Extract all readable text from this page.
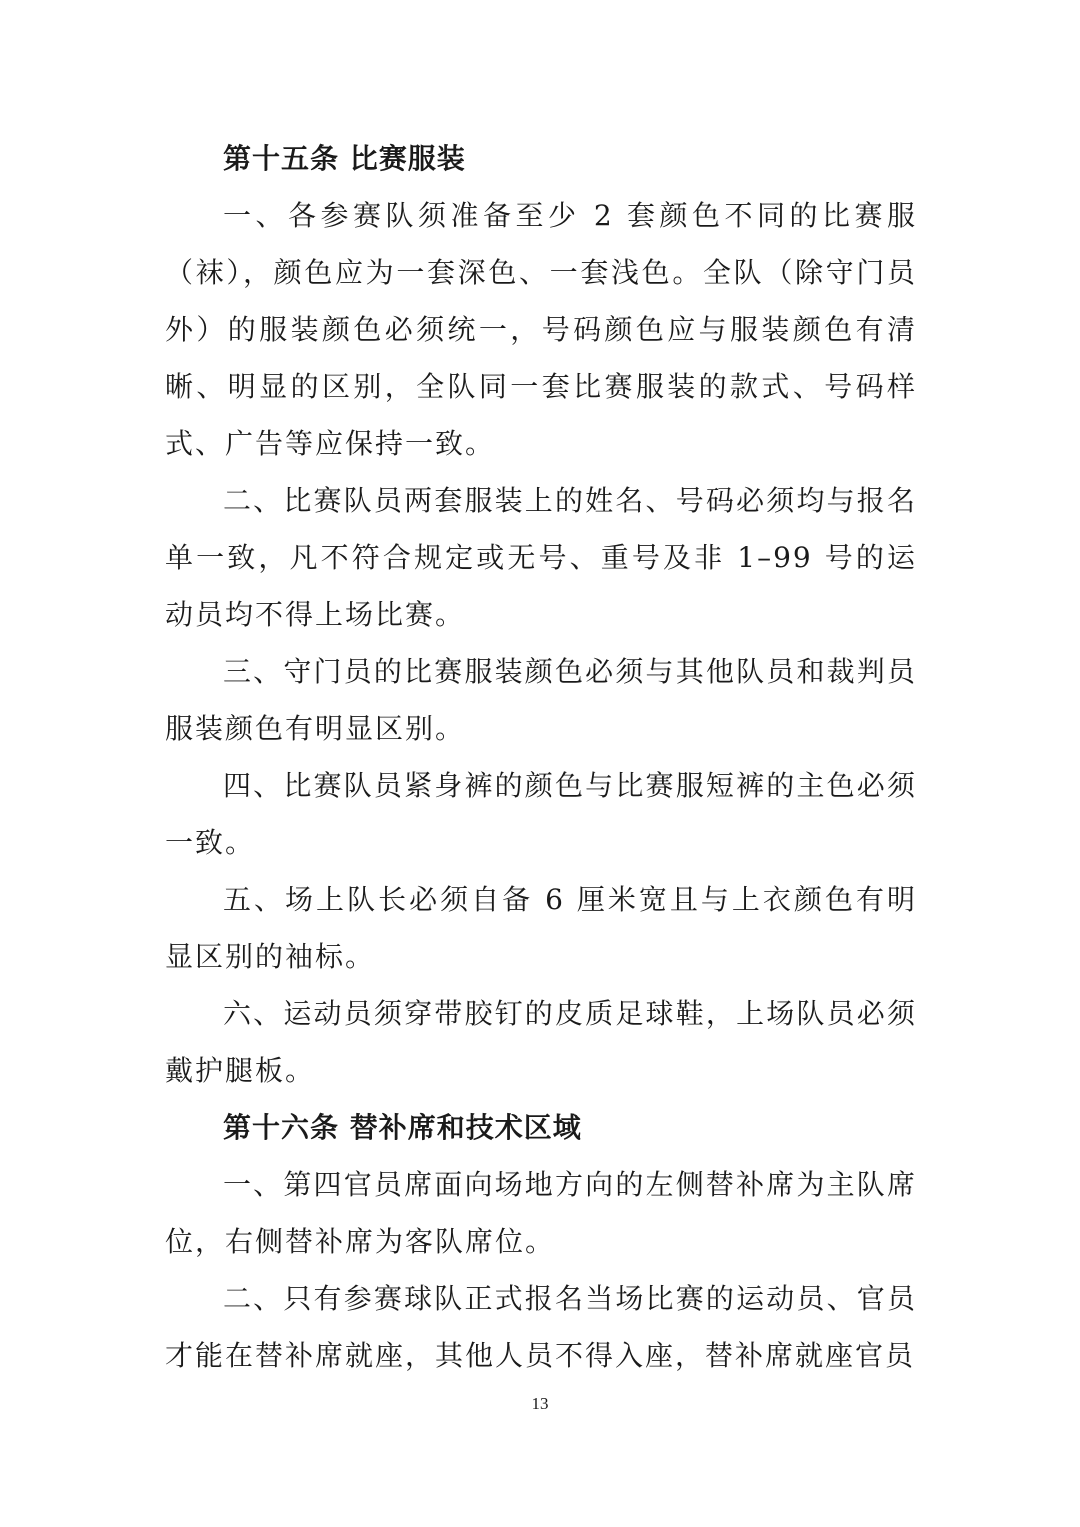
第十五条 比赛服装

一、各参赛队须准备至少 2 套颜色不同的比赛服（袜），颜色应为一套深色、一套浅色。全队（除守门员外）的服装颜色必须统一，号码颜色应与服装颜色有清晰、明显的区别，全队同一套比赛服装的款式、号码样式、广告等应保持一致。

二、比赛队员两套服装上的姓名、号码必须均与报名单一致，凡不符合规定或无号、重号及非 1–99 号的运动员均不得上场比赛。

三、守门员的比赛服装颜色必须与其他队员和裁判员服装颜色有明显区别。

四、比赛队员紧身裤的颜色与比赛服短裤的主色必须一致。

五、场上队长必须自备 6 厘米宽且与上衣颜色有明显区别的袖标。

六、运动员须穿带胶钉的皮质足球鞋，上场队员必须戴护腿板。

第十六条 替补席和技术区域

一、第四官员席面向场地方向的左侧替补席为主队席位，右侧替补席为客队席位。

二、只有参赛球队正式报名当场比赛的运动员、官员才能在替补席就座，其他人员不得入座，替补席就座官员

13
